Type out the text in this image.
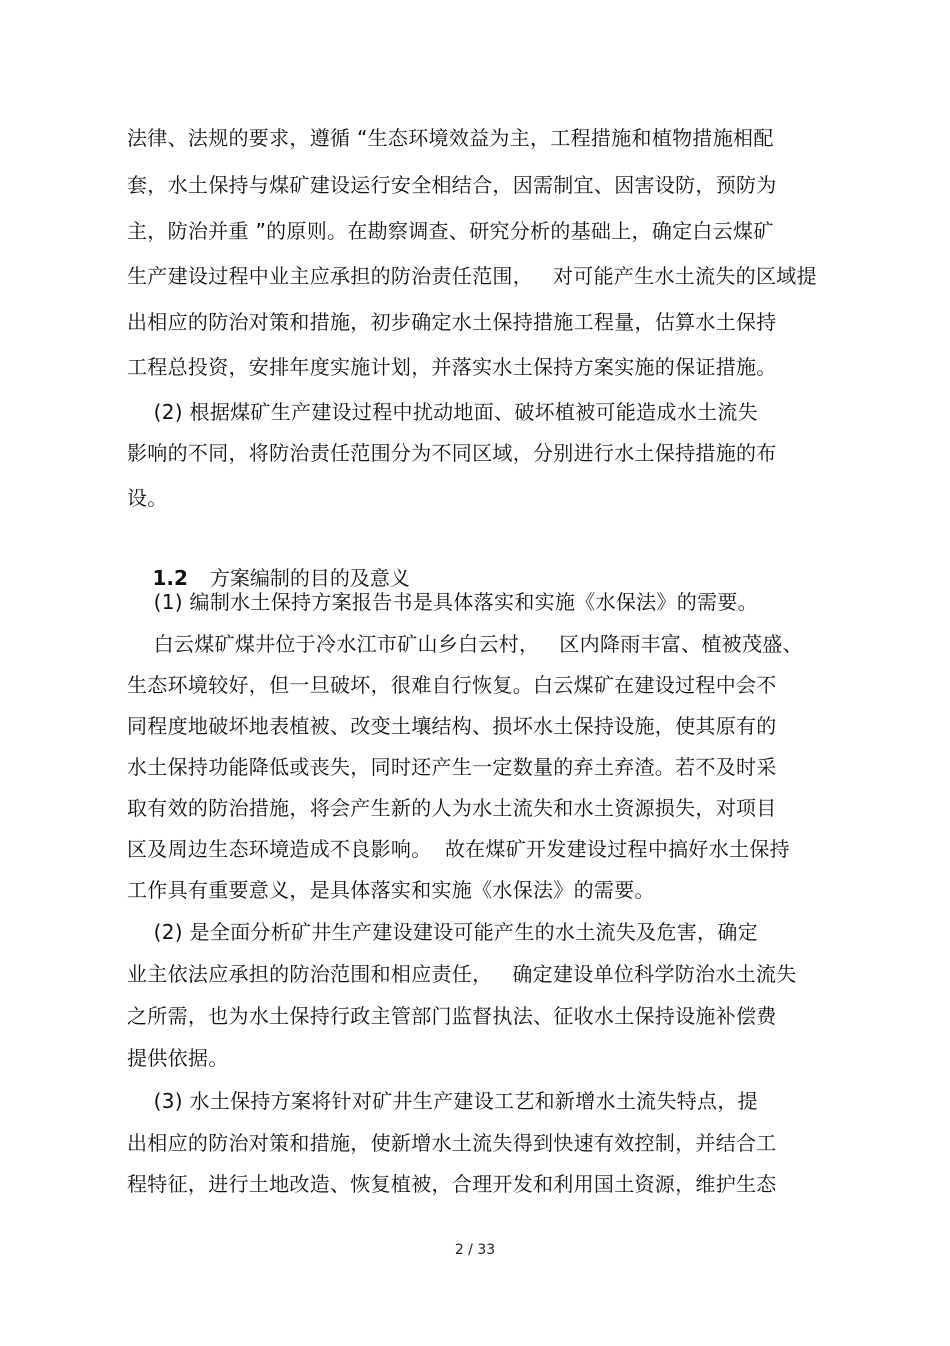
法律、法规的要求，遵循 “生态环境效益为主，工程措施和植物措施相配
套，水土保持与煤矿建设运行安全相结合，因需制宜、因害设防，预防为
主，防治并重 ”的原则。在勘察调查、研究分析的基础上，确定白云煤矿
生产建设过程中业主应承担的防治责任范围，   对可能产生水土流失的区域提
出相应的防治对策和措施，初步确定水土保持措施工程量，估算水土保持
工程总投资，安排年度实施计划，并落实水土保持方案实施的保证措施。
(2) 根据煤矿生产建设过程中扰动地面、破坏植被可能造成水土流失
影响的不同，将防治责任范围分为不同区域，分别进行水土保持措施的布
设。

1.2 方案编制的目的及意义

(1) 编制水土保持方案报告书是具体落实和实施《水保法》的需要。
白云煤矿煤井位于冷水江市矿山乡白云村，   区内降雨丰富、植被茂盛、
生态环境较好，但一旦破坏，很难自行恢复。白云煤矿在建设过程中会不
同程度地破坏地表植被、改变土壤结构、损坏水土保持设施，使其原有的
水土保持功能降低或丧失，同时还产生一定数量的弃土弃渣。若不及时采
取有效的防治措施，将会产生新的人为水土流失和水土资源损失，对项目
区及周边生态环境造成不良影响。  故在煤矿开发建设过程中搞好水土保持
工作具有重要意义，是具体落实和实施《水保法》的需要。
(2) 是全面分析矿井生产建设建设可能产生的水土流失及危害，确定
业主依法应承担的防治范围和相应责任，   确定建设单位科学防治水土流失
之所需，也为水土保持行政主管部门监督执法、征收水土保持设施补偿费
提供依据。
(3) 水土保持方案将针对矿井生产建设工艺和新增水土流失特点，提
出相应的防治对策和措施，使新增水土流失得到快速有效控制，并结合工
程特征，进行土地改造、恢复植被，合理开发和利用国土资源，维护生态
2 / 33
